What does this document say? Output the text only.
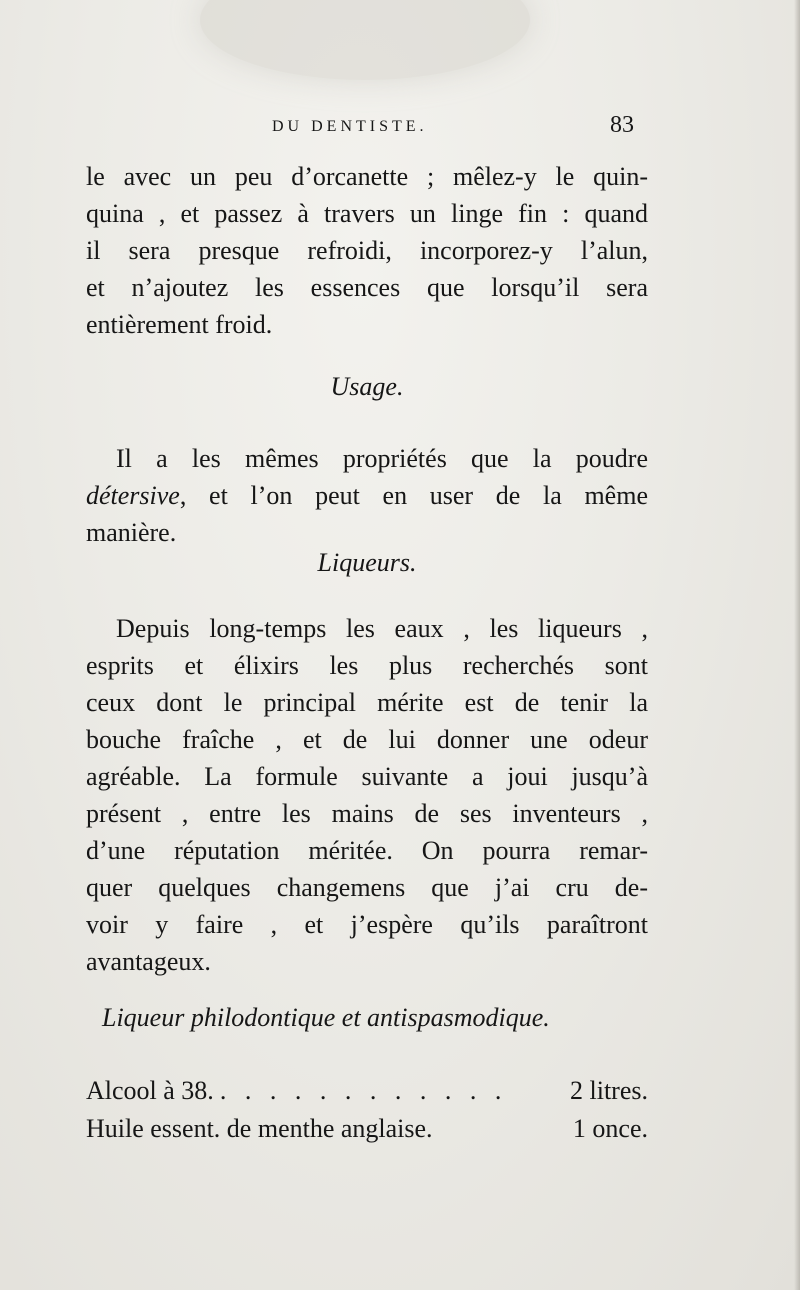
DU DENTISTE.	83
le avec un peu d’orcanette ; mêlez-y le quin-
quina , et passez à travers un linge fin : quand
il sera presque refroidi, incorporez-y l’alun,
et n’ajoutez les essences que lorsqu’il sera
entièrement froid.
Usage.
Il a les mêmes propriétés que la poudre
détersive, et l’on peut en user de la même
manière.
Liqueurs.
Depuis long-temps les eaux , les liqueurs ,
esprits et élixirs les plus recherchés sont
ceux dont le principal mérite est de tenir la
bouche fraîche , et de lui donner une odeur
agréable. La formule suivante a joui jusqu’à
présent , entre les mains de ses inventeurs ,
d’une réputation méritée. On pourra remar-
quer quelques changemens que j’ai cru de-
voir y faire , et j’espère qu’ils paraîtront
avantageux.
Liqueur philodontique et antispasmodique.
Alcool à 38. . . . . . . . . . . . .	2 litres.
Huile essent. de menthe anglaise.	1 once.
